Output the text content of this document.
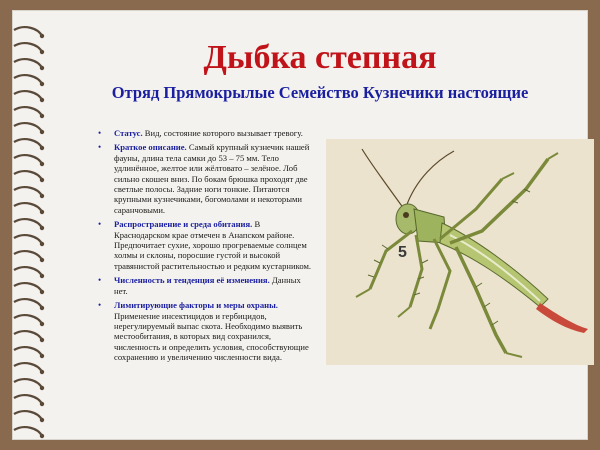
Дыбка степная
Отряд Прямокрылые Семейство Кузнечики настоящие
• Статус. Вид, состояние которого вызывает тревогу.
• Краткое описание. Самый крупный кузнечик нашей фауны, длина тела самки до 53 – 75 мм. Тело удлинённое, желтое или жёлтовато – зелёное. Лоб сильно скошен вниз. По бокам брюшка проходят две светлые полосы. Задние ноги тонкие. Питаются крупными кузнечиками, богомолами и некоторыми саранчовыми.
• Распространение и среда обитания. В Краснодарском крае отмечен в Анапском районе. Предпочитает сухие, хорошо прогреваемые солнцем холмы и склоны, поросшие густой и высокой травянистой растительностью и редким кустарником.
• Численность и тенденция её изменения. Данных нет.
• Лимитирующие факторы и меры охраны. Применение инсектицидов и гербицидов, нерегулируемый выпас скота. Необходимо выявить местообитания, в которых вид сохранился, численность и определить условия, способствующие сохранению и увеличению численности вида.
5
